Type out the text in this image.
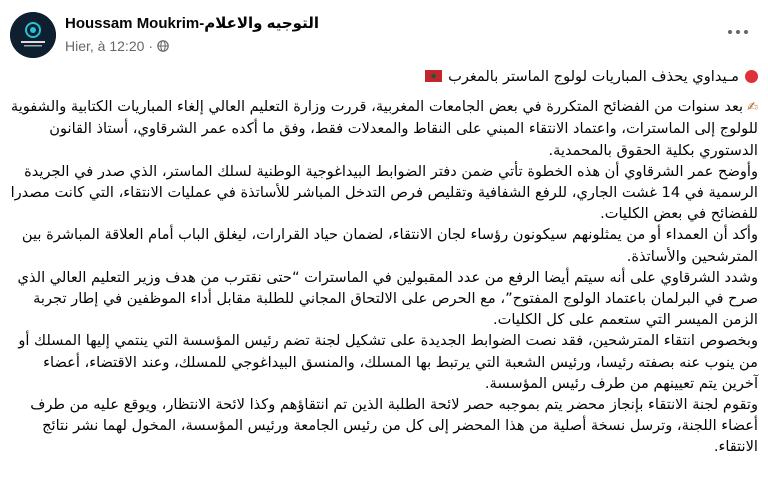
Houssam Moukrim-التوجيه والاعلام
Hier, à 12:20 ·

مـيداوي يحذف المباريات لولوج الماستر بالمغرب★

✍بعد سنوات من الفضائح المتكررة في بعض الجامعات المغربية، قررت وزارة التعليم العالي إلغاء المباريات الكتابية والشفوية للولوج إلى الماسترات، واعتماد الانتقاء المبني على النقاط والمعدلات فقط، وفق ما أكده عمر الشرقاوي، أستاذ القانون الدستوري بكلية الحقوق بالمحمدية.

وأوضح عمر الشرقاوي أن هذه الخطوة تأتي ضمن دفتر الضوابط البيداغوجية الوطنية لسلك الماستر، الذي صدر في الجريدة الرسمية في 14 غشت الجاري، للرفع الشفافية وتقليص فرص التدخل المباشر للأساتذة في عمليات الانتقاء، التي كانت مصدرا للفضائح في بعض الكليات.

وأكد أن العمداء أو من يمثلونهم سيكونون رؤساء لجان الانتقاء، لضمان حياد القرارات، ليغلق الباب أمام العلاقة المباشرة بين المترشحين والأساتذة.

وشدد الشرقاوي على أنه سيتم أيضا الرفع من عدد المقبولين في الماسترات “حتى نقترب من هدف وزير التعليم العالي الذي صرح في البرلمان باعتماد الولوج المفتوح”، مع الحرص على الالتحاق المجاني للطلبة مقابل أداء الموظفين في إطار تجربة الزمن الميسر التي ستعمم على كل الكليات.

وبخصوص انتقاء المترشحين، فقد نصت الضوابط الجديدة على تشكيل لجنة تضم رئيس المؤسسة التي ينتمي إليها المسلك أو من ينوب عنه بصفته رئيسا، ورئيس الشعبة التي يرتبط بها المسلك، والمنسق البيداغوجي للمسلك، وعند الاقتضاء، أعضاء آخرين يتم تعيينهم من طرف رئيس المؤسسة.

وتقوم لجنة الانتقاء بإنجاز محضر يتم بموجبه حصر لائحة الطلبة الذين تم انتقاؤهم وكذا لائحة الانتظار، ويوقع عليه من طرف أعضاء اللجنة، وترسل نسخة أصلية من هذا المحضر إلى كل من رئيس الجامعة ورئيس المؤسسة، المخول لهما نشر نتائج الانتقاء.
